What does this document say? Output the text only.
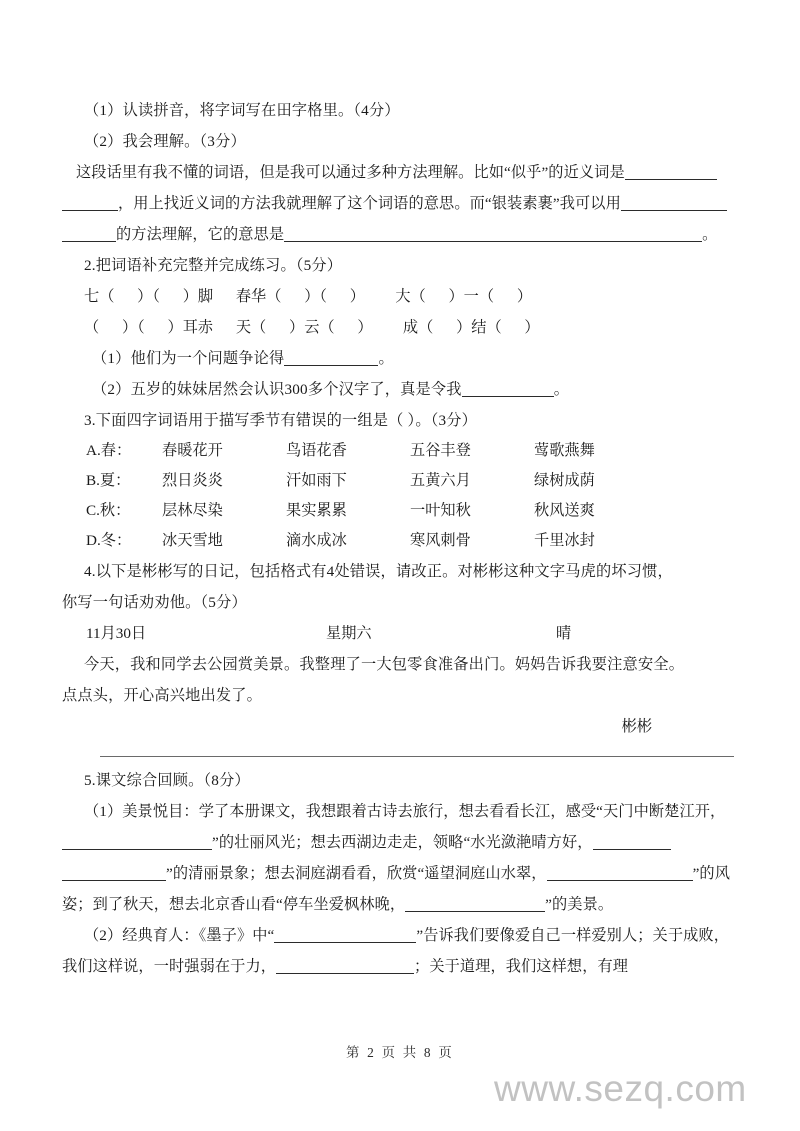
（1）认读拼音，将字词写在田字格里。（4分）
（2）我会理解。（3分）
这段话里有我不懂的词语，但是我可以通过多种方法理解。比如“似乎”的近义词是，用上找近义词的方法我就理解了这个词语的意思。而“银装素裹”我可以用的方法理解，它的意思是	。
2.把词语补充完整并完成练习。（5分）
七（      ）（      ）脚      春华（      ）（      ）        大（      ）一（      ）
（      ）（      ）耳赤      天（      ）云（      ）        成（      ）结（      ）
（1）他们为一个问题争论得	。
（2）五岁的妹妹居然会认识300多个汉字了，真是令我	。
3.下面四字词语用于描写季节有错误的一组是（ ）。（3分）
A.春：	春暖花开	鸟语花香	五谷丰登	莺歌燕舞
B.夏：	烈日炎炎	汗如雨下	五黄六月	绿树成荫
C.秋：	层林尽染	果实累累	一叶知秋	秋风送爽
D.冬：	冰天雪地	滴水成冰	寒风刺骨	千里冰封
4.以下是彬彬写的日记，包括格式有4处错误，请改正。对彬彬这种文字马虎的坏习惯，
你写一句话劝劝他。（5分）
11月30日	星期六	晴
今天，我和同学去公园赏美景。我整理了一大包零食准备出门。妈妈告诉我要注意安全。
点点头，开心高兴地出发了。
彬彬
5.课文综合回顾。（8分）
（1）美景悦目：学了本册课文，我想跟着古诗去旅行，想去看看长江，感受“天门中断楚江开，”的壮丽风光；想去西湖边走走，领略“水光潋滟晴方好，”的清丽景象；想去洞庭湖看看，欣赏“遥望洞庭山水翠，	”的风姿；到了秋天，想去北京香山看“停车坐爱枫林晚，	”的美景。
（2）经典育人：《墨子》中“	”告诉我们要像爱自己一样爱别人；关于成败，我们这样说，一时强弱在于力，	；关于道理，我们这样想，有理
第 2 页 共 8 页
www.sezq.com
